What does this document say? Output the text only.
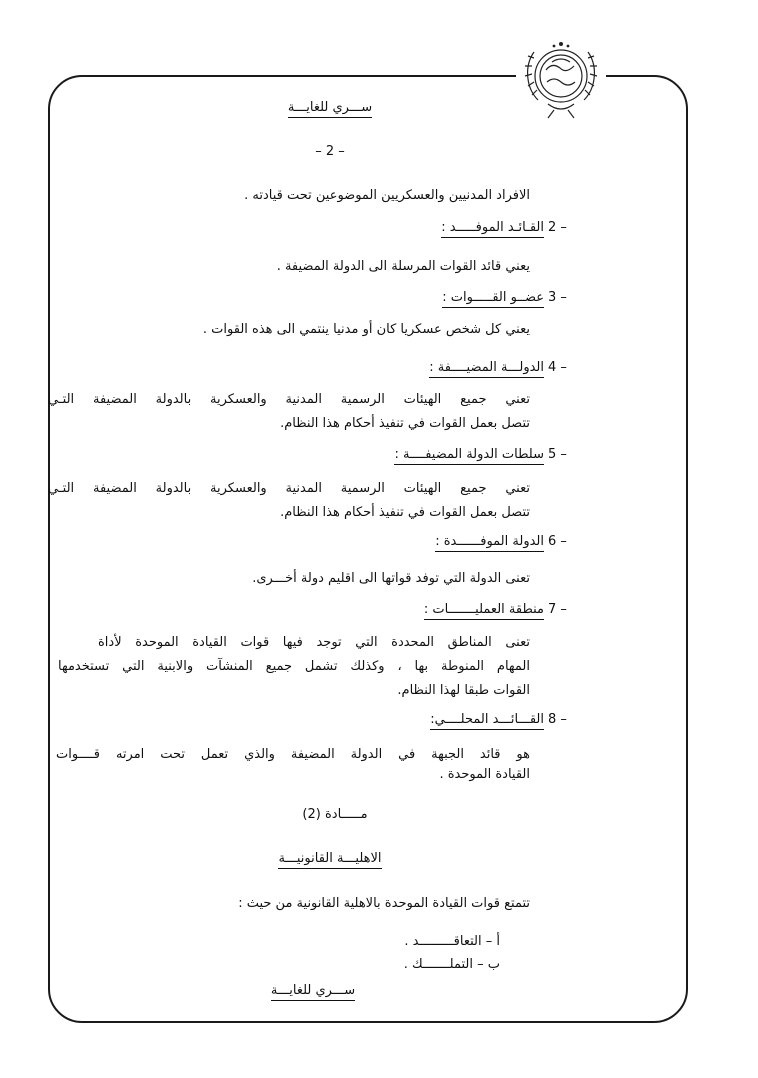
ســـري للغايـــة
– 2 –
الافراد المدنيين والعسكريين الموضوعين تحت قيادته .
2 –
القـائـد الموفـــــد :
يعني قائد القوات المرسلة الى الدولة المضيفة .
3 –
عضــو القـــــوات :
يعني كل شخص عسكريا كان أو مدنيا ينتمي الى هذه القوات .
4 –
الدولـــة المضيــــفة :
تعني جميع الهيئات الرسمية المدنية والعسكرية بالدولة المضيفة التـي
تتصل بعمل القوات في تنفيذ أحكام هذا النظام.
5 –
سلطات الدولة المضيفــــة :
تعني جميع الهيئات الرسمية المدنية والعسكرية بالدولة المضيفة التـي
تتصل بعمل القوات في تنفيذ أحكام هذا النظام.
6 –
الدولة الموفــــــدة :
تعنى الدولة التي توفد قواتها الى اقليم دولة أخـــرى.
7 –
منطقة العمليـــــــات :
تعنى المناطق المحددة التي توجد فيها قوات القيادة الموحدة لأداة
المهام المنوطة بها ، وكذلك تشمل جميع المنشآت والابنية التي تستخدمها
القوات طبقا لهذا النظام.
8 –
القـــائـــد المحلــــي:
هو قائد الجبهة في الدولة المضيفة والذي تعمل تحت امرته قــــوات
القيادة الموحدة .
مـــــادة (2)
الاهليـــة القانونيـــة
تتمتع قوات القيادة الموحدة بالاهلية القانونية من حيث :
أ – التعاقـــــــــد .
ب – التملـــــــك .
ســـري للغايـــة
